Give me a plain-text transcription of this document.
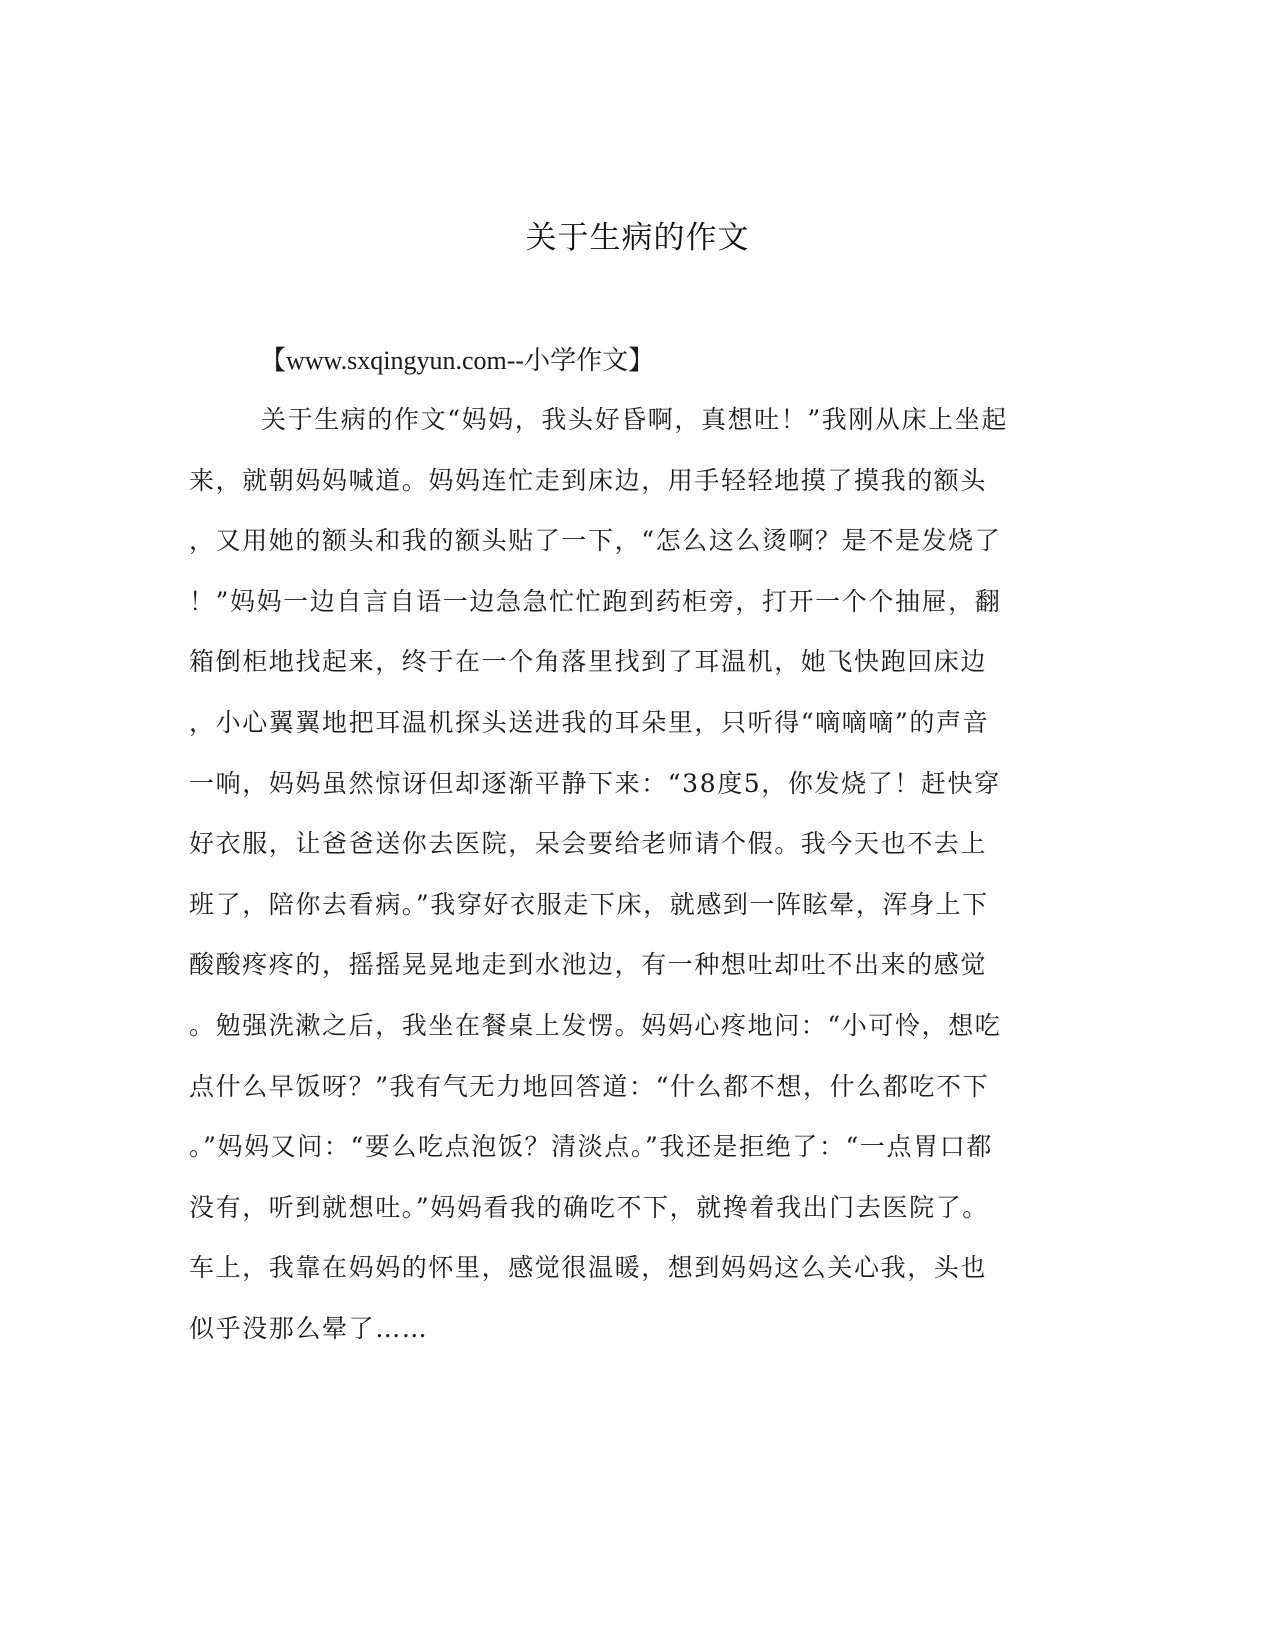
关于生病的作文
【www.sxqingyun.com--小学作文】
关于生病的作文“妈妈，我头好昏啊，真想吐！”我刚从床上坐起
来，就朝妈妈喊道。妈妈连忙走到床边，用手轻轻地摸了摸我的额头
，又用她的额头和我的额头贴了一下，“怎么这么烫啊？是不是发烧了
！”妈妈一边自言自语一边急急忙忙跑到药柜旁，打开一个个抽屉，翻
箱倒柜地找起来，终于在一个角落里找到了耳温机，她飞快跑回床边
，小心翼翼地把耳温机探头送进我的耳朵里，只听得“嘀嘀嘀”的声音
一响，妈妈虽然惊讶但却逐渐平静下来：“38度5，你发烧了！赶快穿
好衣服，让爸爸送你去医院，呆会要给老师请个假。我今天也不去上
班了，陪你去看病。”我穿好衣服走下床，就感到一阵眩晕，浑身上下
酸酸疼疼的，摇摇晃晃地走到水池边，有一种想吐却吐不出来的感觉
。勉强洗漱之后，我坐在餐桌上发愣。妈妈心疼地问：“小可怜，想吃
点什么早饭呀？”我有气无力地回答道：“什么都不想，什么都吃不下
。”妈妈又问：“要么吃点泡饭？清淡点。”我还是拒绝了：“一点胃口都
没有，听到就想吐。”妈妈看我的确吃不下，就搀着我出门去医院了。
车上，我靠在妈妈的怀里，感觉很温暖，想到妈妈这么关心我，头也
似乎没那么晕了……
